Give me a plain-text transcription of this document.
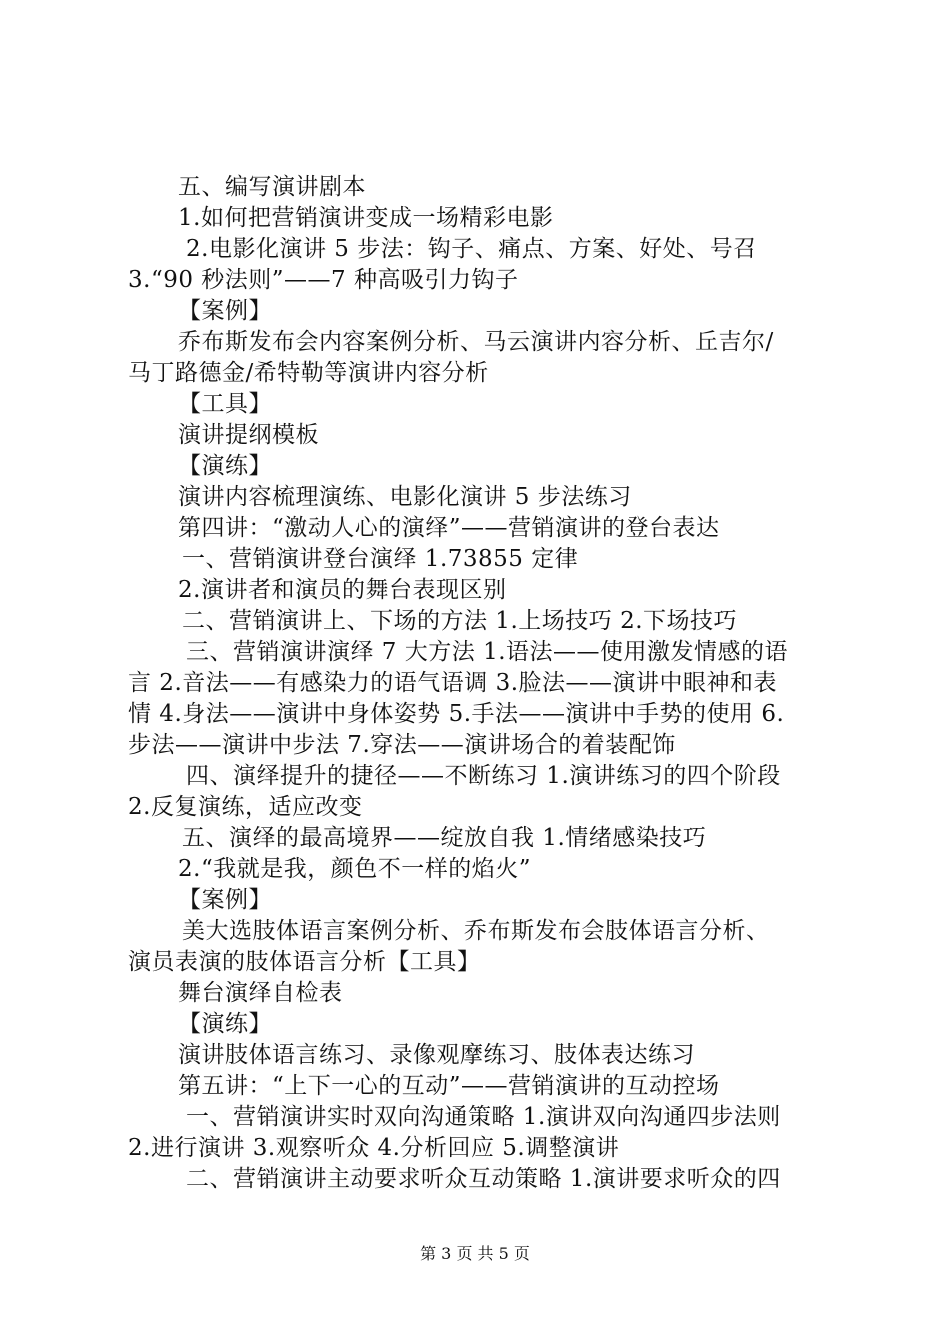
五、编写演讲剧本
1.如何把营销演讲变成一场精彩电影
2.电影化演讲 5 步法：钩子、痛点、方案、好处、号召
3.“90 秒法则”——7 种高吸引力钩子
【案例】
乔布斯发布会内容案例分析、马云演讲内容分析、丘吉尔/
马丁路德金/希特勒等演讲内容分析
【工具】
演讲提纲模板
【演练】
演讲内容梳理演练、电影化演讲 5 步法练习
第四讲：“激动人心的演绎”——营销演讲的登台表达
一、营销演讲登台演绎 1.73855 定律
2.演讲者和演员的舞台表现区别
二、营销演讲上、下场的方法 1.上场技巧 2.下场技巧
三、营销演讲演绎 7 大方法 1.语法——使用激发情感的语
言 2.音法——有感染力的语气语调 3.脸法——演讲中眼神和表
情 4.身法——演讲中身体姿势 5.手法——演讲中手势的使用 6.
步法——演讲中步法 7.穿法——演讲场合的着装配饰
四、演绎提升的捷径——不断练习 1.演讲练习的四个阶段
2.反复演练，适应改变
五、演绎的最高境界——绽放自我 1.情绪感染技巧
2.“我就是我，颜色不一样的焰火”
【案例】
美大选肢体语言案例分析、乔布斯发布会肢体语言分析、
演员表演的肢体语言分析【工具】
舞台演绎自检表
【演练】
演讲肢体语言练习、录像观摩练习、肢体表达练习
第五讲：“上下一心的互动”——营销演讲的互动控场
一、营销演讲实时双向沟通策略 1.演讲双向沟通四步法则
2.进行演讲 3.观察听众 4.分析回应 5.调整演讲
二、营销演讲主动要求听众互动策略 1.演讲要求听众的四
第 3 页 共 5 页
